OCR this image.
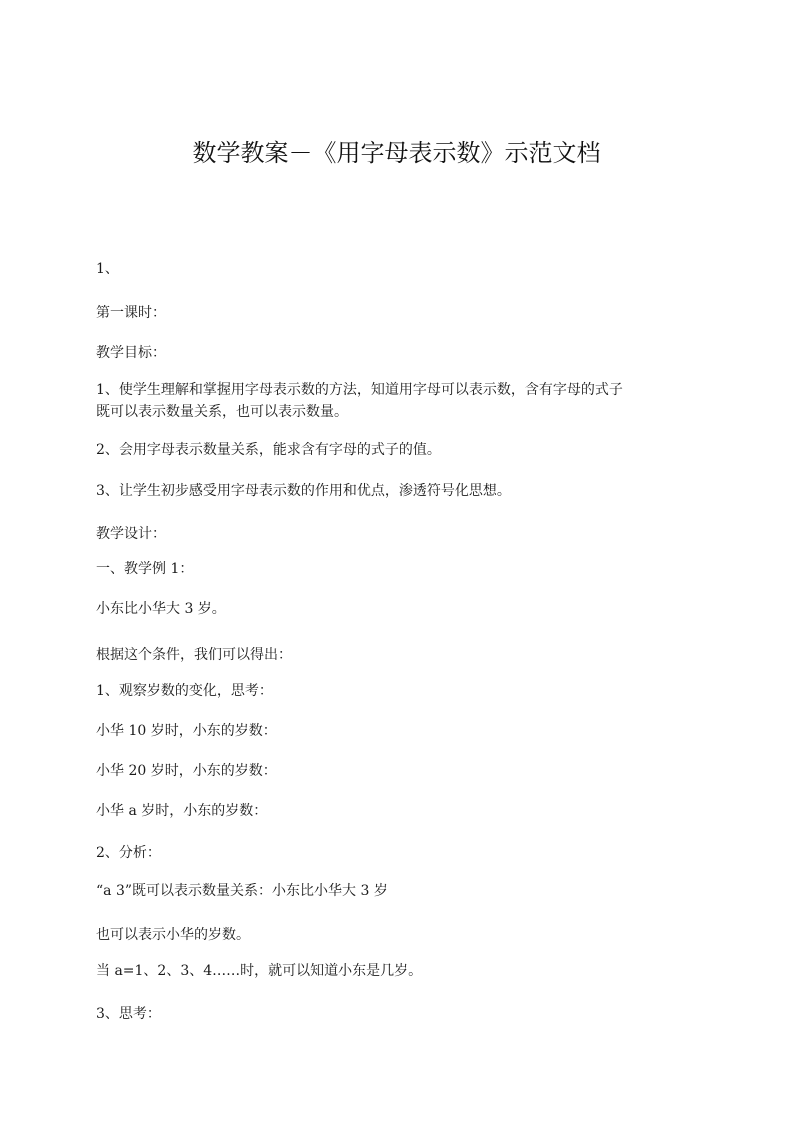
数学教案－《用字母表示数》示范文档
1、
第一课时：
教学目标：
1、使学生理解和掌握用字母表示数的方法，知道用字母可以表示数，含有字母的式子
既可以表示数量关系，也可以表示数量。
2、会用字母表示数量关系，能求含有字母的式子的值。
3、让学生初步感受用字母表示数的作用和优点，渗透符号化思想。
教学设计：
一、教学例 1：
小东比小华大 3 岁。
根据这个条件，我们可以得出：
1、观察岁数的变化，思考：
小华 10 岁时，小东的岁数：
小华 20 岁时，小东的岁数：
小华 a 岁时，小东的岁数：
2、分析：
“a 3”既可以表示数量关系：小东比小华大 3 岁
也可以表示小华的岁数。
当 a=1、2、3、4……时，就可以知道小东是几岁。
3、思考：
